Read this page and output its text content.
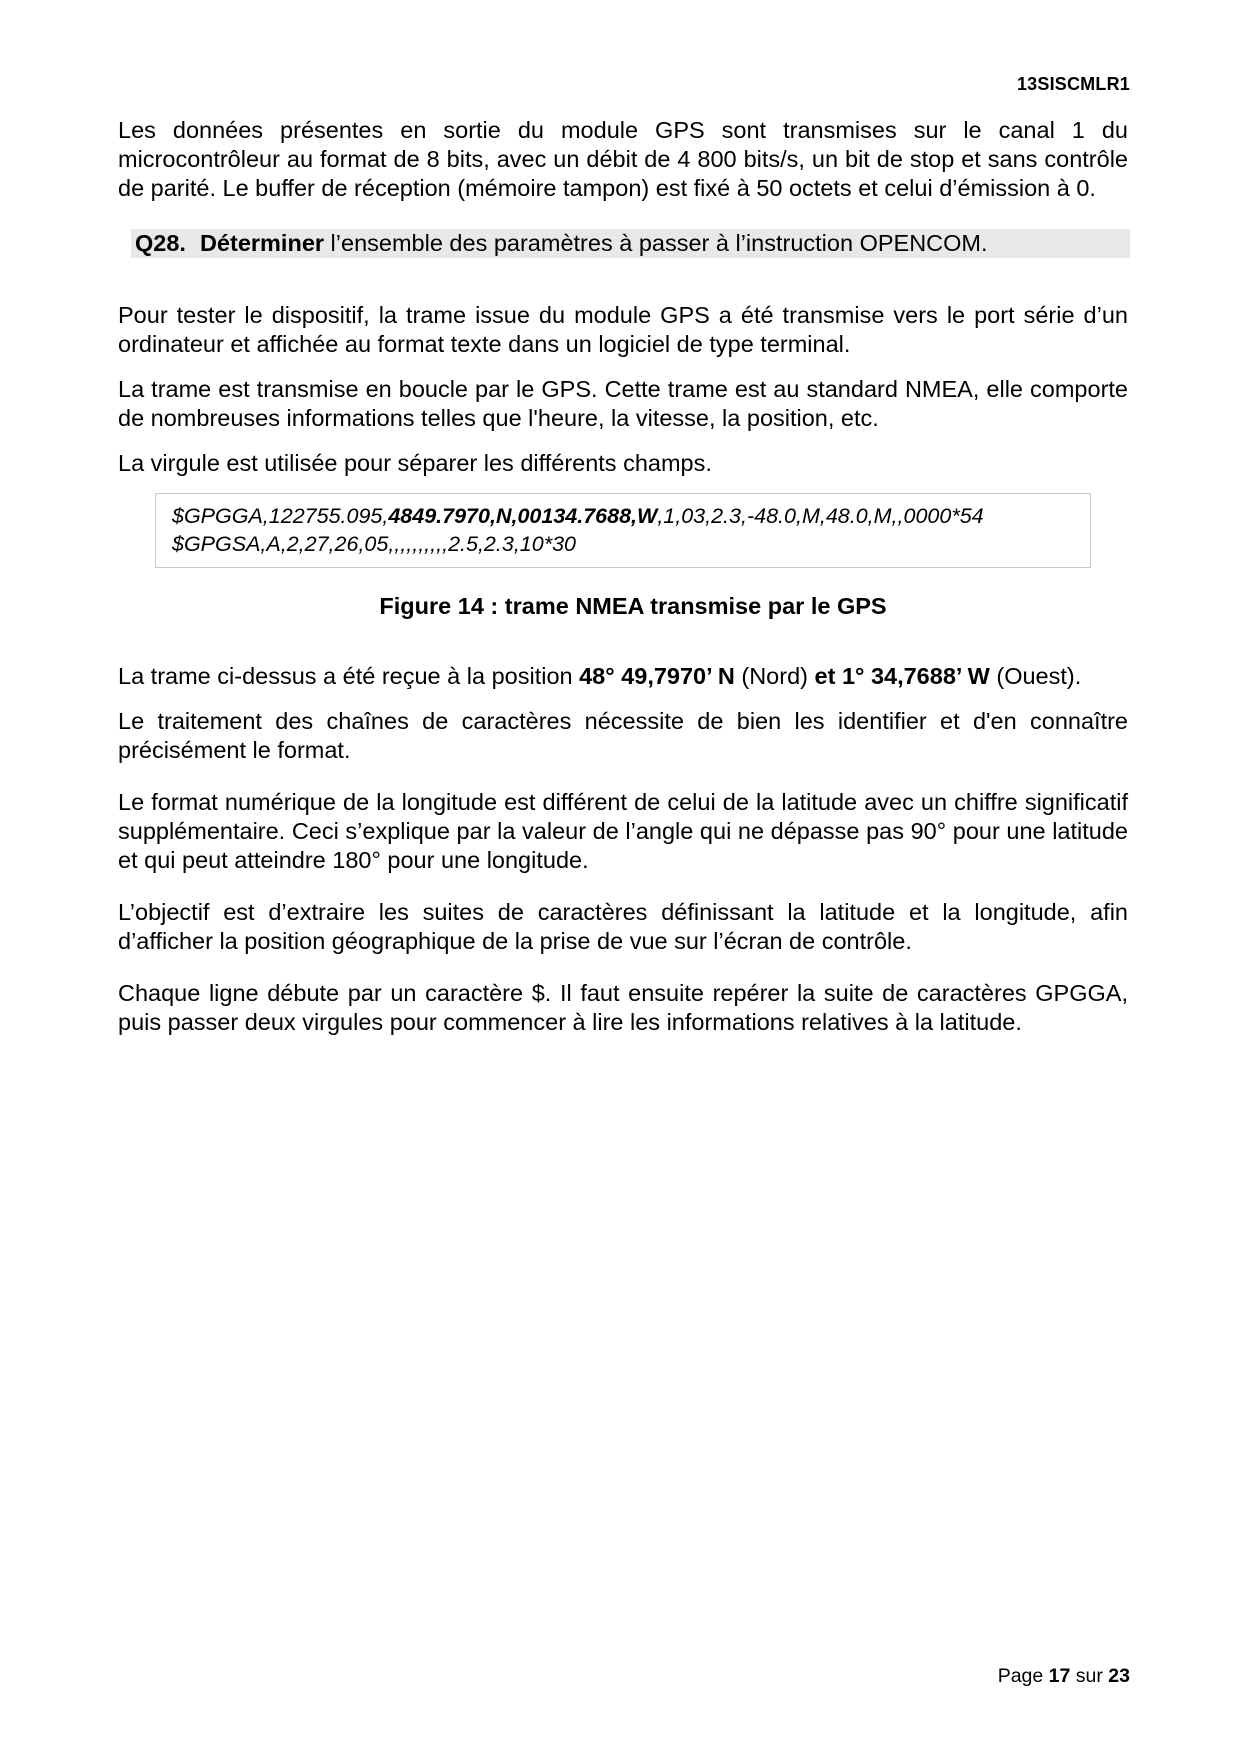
13SISCMLR1

Les données présentes en sortie du module GPS sont transmises sur le canal 1 du microcontrôleur au format de 8 bits, avec un débit de 4 800 bits/s, un bit de stop et sans contrôle de parité. Le buffer de réception (mémoire tampon) est fixé à 50 octets et celui d’émission à 0.

Q28. Déterminer l’ensemble des paramètres à passer à l’instruction OPENCOM.

Pour tester le dispositif, la trame issue du module GPS a été transmise vers le port série d’un ordinateur et affichée au format texte dans un logiciel de type terminal.

La trame est transmise en boucle par le GPS. Cette trame est au standard NMEA, elle comporte de nombreuses informations telles que l'heure, la vitesse, la position, etc.

La virgule est utilisée pour séparer les différents champs.

$GPGGA,122755.095,4849.7970,N,00134.7688,W,1,03,2.3,-48.0,M,48.0,M,,0000*54
$GPGSA,A,2,27,26,05,,,,,,,,,,2.5,2.3,10*30
Figure 14 : trame NMEA transmise par le GPS

La trame ci-dessus a été reçue à la position 48° 49,7970’ N (Nord) et 1° 34,7688’ W (Ouest).

Le traitement des chaînes de caractères nécessite de bien les identifier et d'en connaître précisément le format.

Le format numérique de la longitude est différent de celui de la latitude avec un chiffre significatif supplémentaire. Ceci s’explique par la valeur de l’angle qui ne dépasse pas 90° pour une latitude et qui peut atteindre 180° pour une longitude.

L’objectif est d’extraire les suites de caractères définissant la latitude et la longitude, afin d’afficher la position géographique de la prise de vue sur l’écran de contrôle.

Chaque ligne débute par un caractère $. Il faut ensuite repérer la suite de caractères GPGGA, puis passer deux virgules pour commencer à lire les informations relatives à la latitude.

Page 17 sur 23
